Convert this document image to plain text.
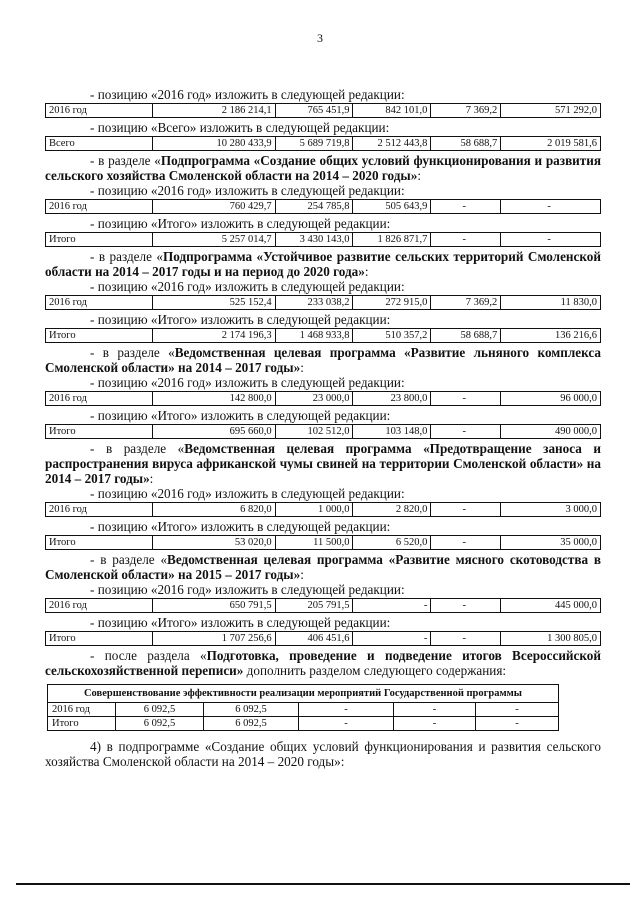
3

- позицию «2016 год» изложить в следующей редакции:

2016 год	2 186 214,1	765 451,9	842 101,0	7 369,2	571 292,0

- позицию «Всего» изложить в следующей редакции:

Всего	10 280 433,9	5 689 719,8	2 512 443,8	58 688,7	2 019 581,6

- в разделе «Подпрограмма «Создание общих условий функционирования и развития сельского хозяйства Смоленской области на 2014 – 2020 годы»:

- позицию «2016 год» изложить в следующей редакции:

2016 год	760 429,7	254 785,8	505 643,9	-	-

- позицию «Итого» изложить в следующей редакции:

Итого	5 257 014,7	3 430 143,0	1 826 871,7	-	-

- в разделе «Подпрограмма «Устойчивое развитие сельских территорий Смоленской области на 2014 – 2017 годы и на период до 2020 года»:

- позицию «2016 год» изложить в следующей редакции:

2016 год	525 152,4	233 038,2	272 915,0	7 369,2	11 830,0

- позицию «Итого» изложить в следующей редакции:

Итого	2 174 196,3	1 468 933,8	510 357,2	58 688,7	136 216,6

- в разделе «Ведомственная целевая программа «Развитие льняного комплекса Смоленской области» на 2014 – 2017 годы»:

- позицию «2016 год» изложить в следующей редакции:

2016 год	142 800,0	23 000,0	23 800,0	-	96 000,0

- позицию «Итого» изложить в следующей редакции:

Итого	695 660,0	102 512,0	103 148,0	-	490 000,0

- в разделе «Ведомственная целевая программа «Предотвращение заноса и распространения вируса африканской чумы свиней на территории Смоленской области» на 2014 – 2017 годы»:

- позицию «2016 год» изложить в следующей редакции:

2016 год	6 820,0	1 000,0	2 820,0	-	3 000,0

- позицию «Итого» изложить в следующей редакции:

Итого	53 020,0	11 500,0	6 520,0	-	35 000,0

- в разделе «Ведомственная целевая программа «Развитие мясного скотоводства в Смоленской области» на 2015 – 2017 годы»:

- позицию «2016 год» изложить в следующей редакции:

2016 год	650 791,5	205 791,5	-	-	445 000,0

- позицию «Итого» изложить в следующей редакции:

Итого	1 707 256,6	406 451,6	-	-	1 300 805,0

- после раздела «Подготовка, проведение и подведение итогов Всероссийской сельскохозяйственной переписи» дополнить разделом следующего содержания:

Совершенствование эффективности реализации мероприятий Государственной программы
2016 год	6 092,5	6 092,5	-	-	-
Итого	6 092,5	6 092,5	-	-	-

4) в подпрограмме «Создание общих условий функционирования и развития сельского хозяйства Смоленской области на 2014 – 2020 годы»:
